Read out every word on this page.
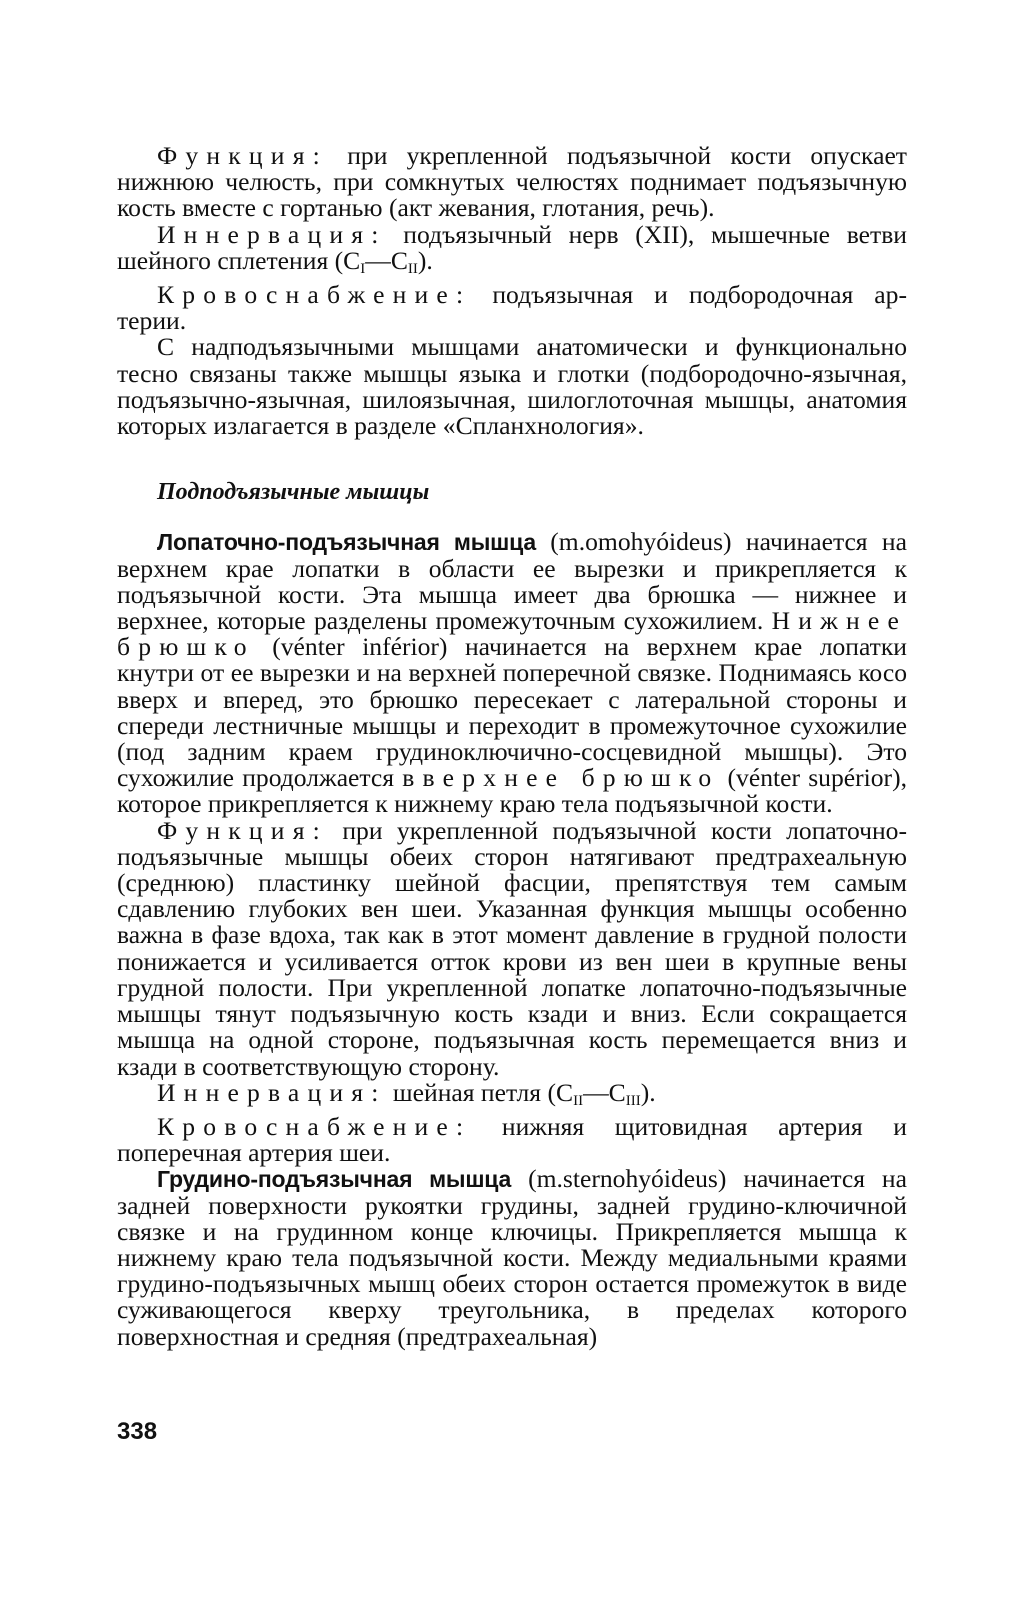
Функция: при укрепленной подъязычной кости опускает нижнюю челюсть, при сомкнутых челюстях поднимает подъязычную кость вместе с гортанью (акт жевания, глотания, речь).

Иннервация: подъязычный нерв (XII), мышечные ветви шейного сплетения $(C_I—C_{II})$.

Кровоснабжение: подъязычная и подбородочная артерии.

С надподъязычными мышцами анатомически и функционально тесно связаны также мышцы языка и глотки (подбородочно-язычная, подъязычно-язычная, шилоязычная, шилоглоточная мышцы, анатомия которых излагается в разделе «Спланхнология».

Подподъязычные мышцы

Лопаточно-подъязычная мышца (m.omohyóideus) начинается на верхнем крае лопатки в области ее вырезки и прикрепляется к подъязычной кости. Эта мышца имеет два брюшка — нижнее и верхнее, которые разделены промежуточным сухожилием. Нижнее брюшко (vénter inférior) начинается на верхнем крае лопатки кнутри от ее вырезки и на верхней поперечной связке. Поднимаясь косо вверх и вперед, это брюшко пересекает с латеральной стороны и спереди лестничные мышцы и переходит в промежуточное сухожилие (под задним краем грудиноключично-сосцевидной мышцы). Это сухожилие продолжается в верхнее брюшко (vénter supérior), которое прикрепляется к нижнему краю тела подъязычной кости.

Функция: при укрепленной подъязычной кости лопаточно-подъязычные мышцы обеих сторон натягивают предтрахеальную (среднюю) пластинку шейной фасции, препятствуя тем самым сдавлению глубоких вен шеи. Указанная функция мышцы особенно важна в фазе вдоха, так как в этот момент давление в грудной полости понижается и усиливается отток крови из вен шеи в крупные вены грудной полости. При укрепленной лопатке лопаточно-подъязычные мышцы тянут подъязычную кость кзади и вниз. Если сокращается мышца на одной стороне, подъязычная кость перемещается вниз и кзади в соответствующую сторону.

Иннервация: шейная петля $(C_{II}—C_{III})$.

Кровоснабжение: нижняя щитовидная артерия и поперечная артерия шеи.

Грудино-подъязычная мышца (m.sternohyóideus) начинается на задней поверхности рукоятки грудины, задней грудино-ключичной связке и на грудинном конце ключицы. Прикрепляется мышца к нижнему краю тела подъязычной кости. Между медиальными краями грудино-подъязычных мышц обеих сторон остается промежуток в виде суживающегося кверху треугольника, в пределах которого поверхностная и средняя (предтрахеальная)

338
